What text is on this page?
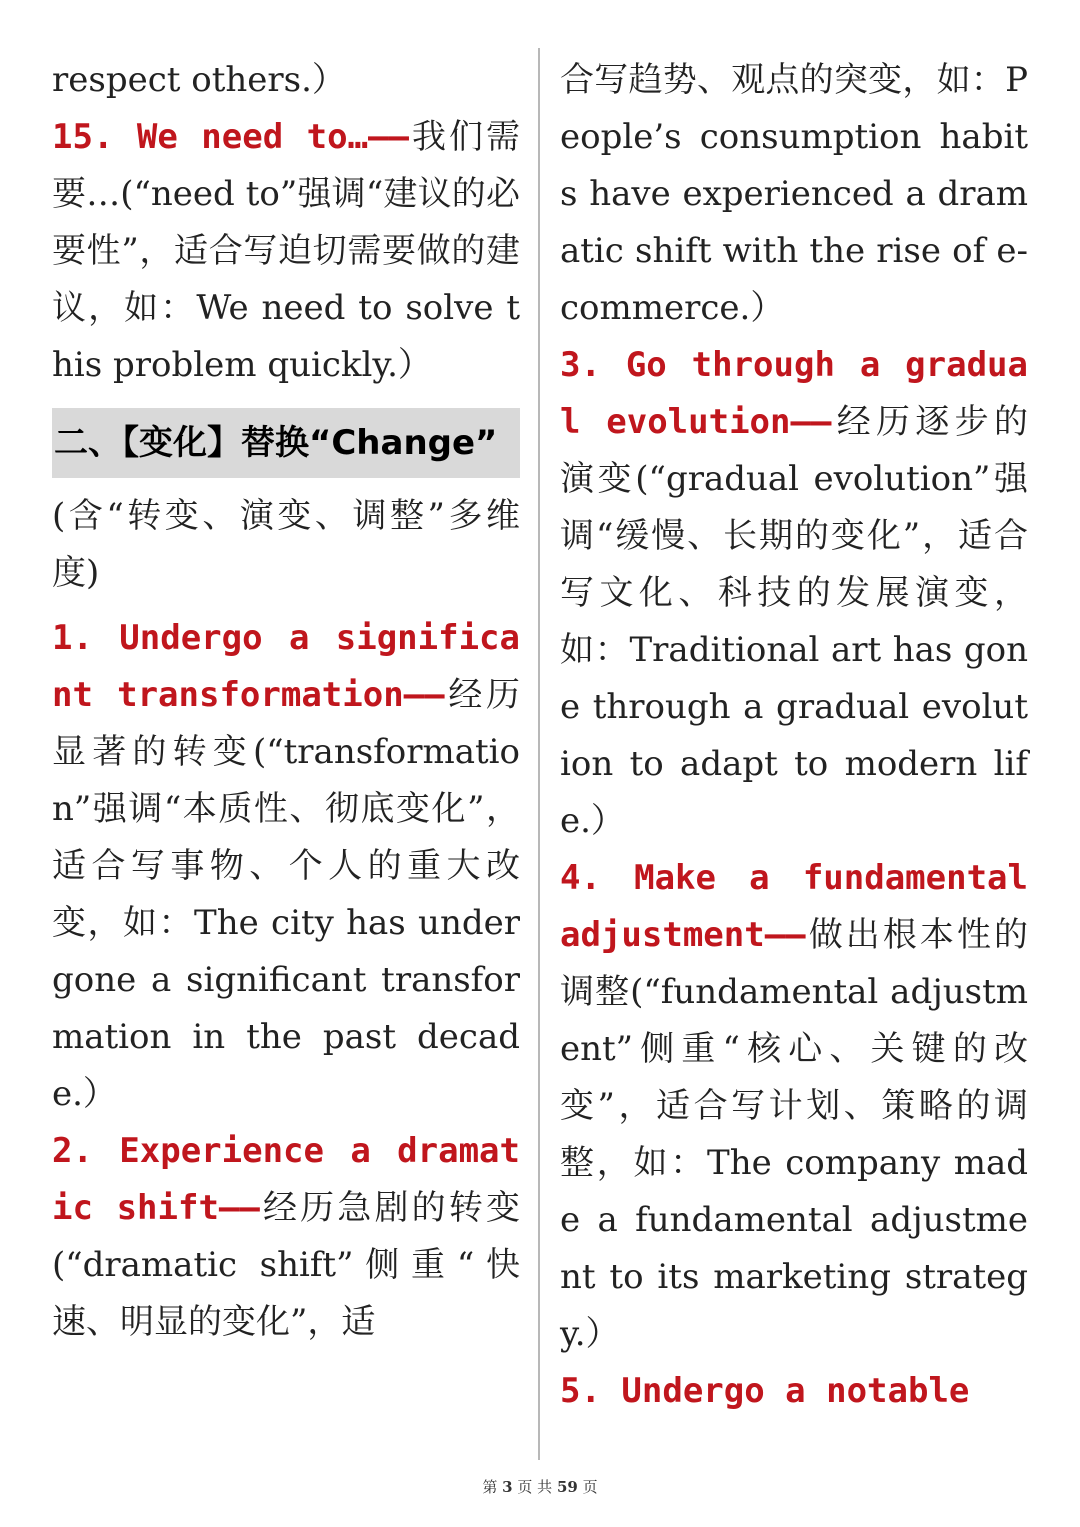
respect others.）

15. We need to…——我们需要…(“need to”强调“建议的必要性”，适合写迫切需要做的建议，如：We need to solve this problem quickly.）

二、【变化】替换“Change”

(含“转变、演变、调整”多维度)

1. Undergo a significant transformation——经历显著的转变(“transformation”强调“本质性、彻底变化”，适合写事物、个人的重大改变，如：The city has undergone a significant transformation in the past decade.）

2. Experience a dramatic shift——经历急剧的转变(“dramatic shift”侧重“快速、明显的变化”，适

合写趋势、观点的突变，如：People’s consumption habits have experienced a dramatic shift with the rise of e-commerce.）

3. Go through a gradual evolution——经历逐步的演变(“gradual evolution”强调“缓慢、长期的变化”，适合写文化、科技的发展演变，如：Traditional art has gone through a gradual evolution to adapt to modern life.）

4. Make a fundamental adjustment——做出根本性的调整(“fundamental adjustment”侧重“核心、关键的改变”，适合写计划、策略的调整，如：The company made a fundamental adjustment to its marketing strategy.）

5. Undergo a notable

第 3 页 共 59 页
